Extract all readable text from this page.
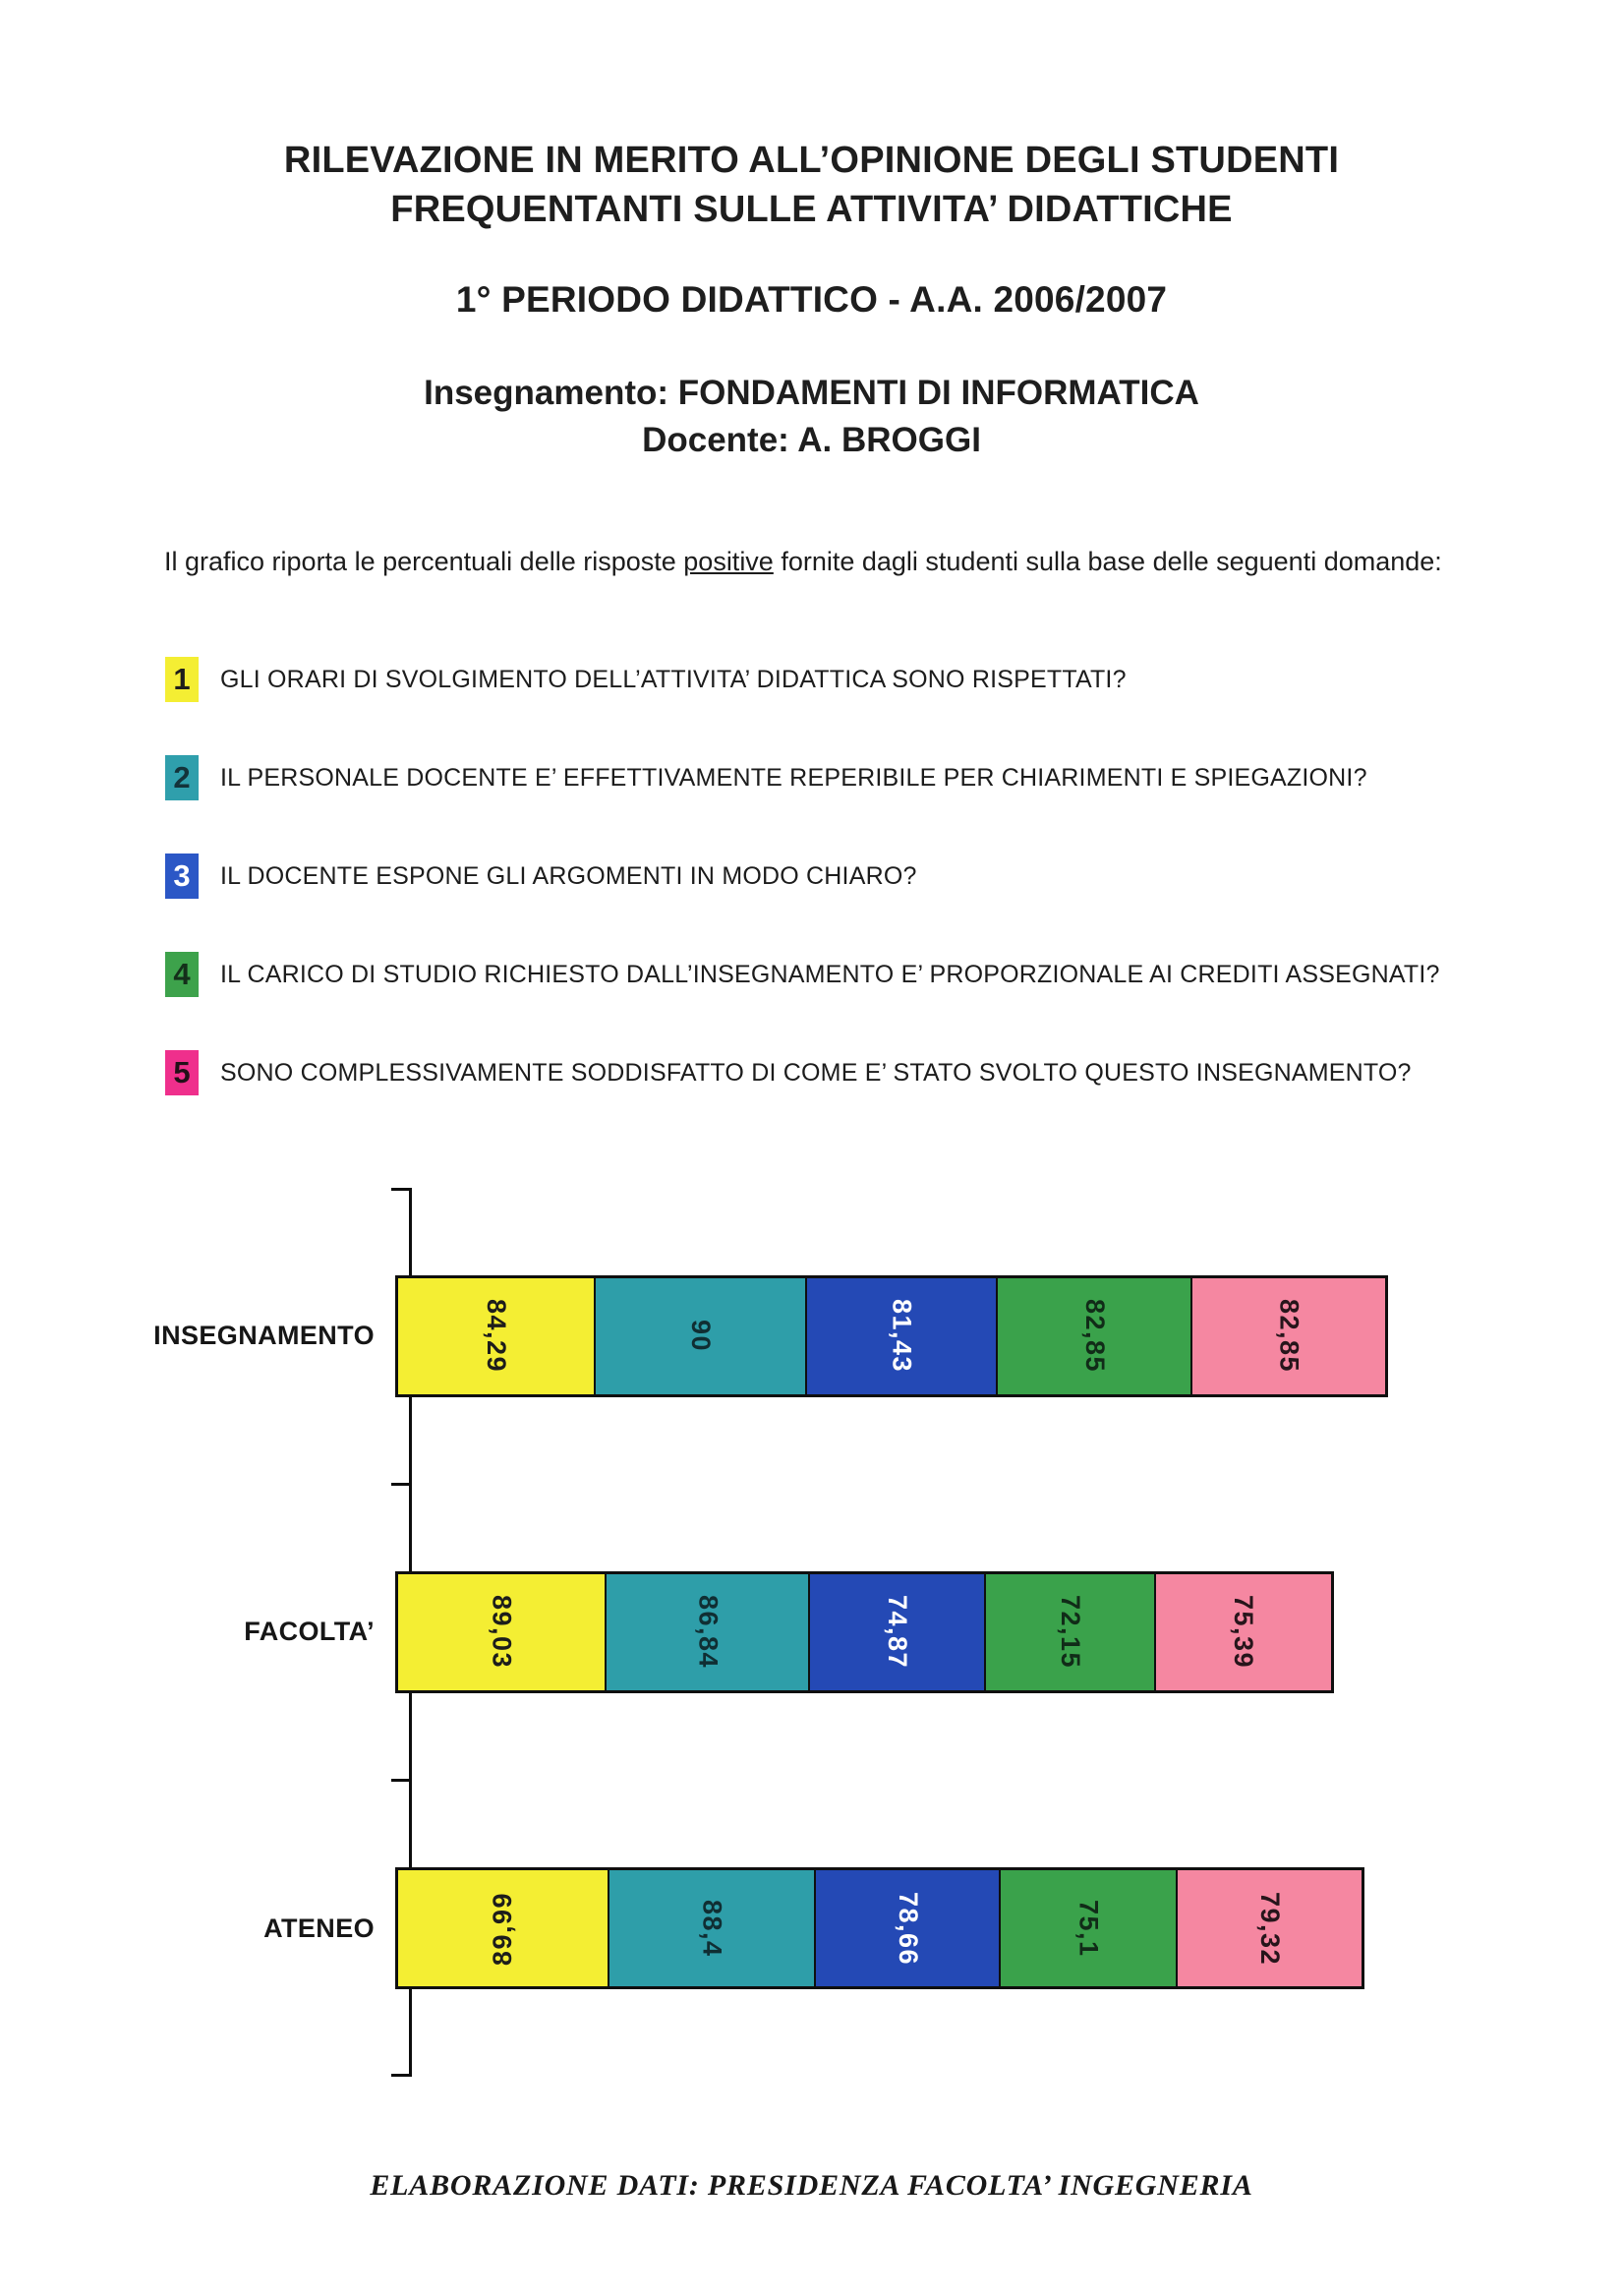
RILEVAZIONE IN MERITO ALL’OPINIONE DEGLI STUDENTI
FREQUENTANTI SULLE ATTIVITA’ DIDATTICHE
1° PERIODO DIDATTICO - A.A. 2006/2007
Insegnamento: FONDAMENTI DI INFORMATICA
Docente: A. BROGGI

Il grafico riporta le percentuali delle risposte positive fornite dagli studenti sulla base delle seguenti domande:

1	GLI ORARI DI SVOLGIMENTO DELL’ATTIVITA’ DIDATTICA SONO RISPETTATI?
2	IL PERSONALE DOCENTE E’ EFFETTIVAMENTE REPERIBILE PER CHIARIMENTI E SPIEGAZIONI?
3	IL DOCENTE ESPONE GLI ARGOMENTI IN MODO CHIARO?
4	IL CARICO DI STUDIO RICHIESTO DALL’INSEGNAMENTO E’ PROPORZIONALE AI CREDITI ASSEGNATI?
5	SONO COMPLESSIVAMENTE SODDISFATTO DI COME E’ STATO SVOLTO QUESTO INSEGNAMENTO?
INSEGNAMENTO	84,29	90	81,43	82,85	82,85
FACOLTA’	89,03	86,84	74,87	72,15	75,39
ATENEO	89,99	88,4	78,66	75,1	79,32
ELABORAZIONE DATI: PRESIDENZA FACOLTA’ INGEGNERIA
